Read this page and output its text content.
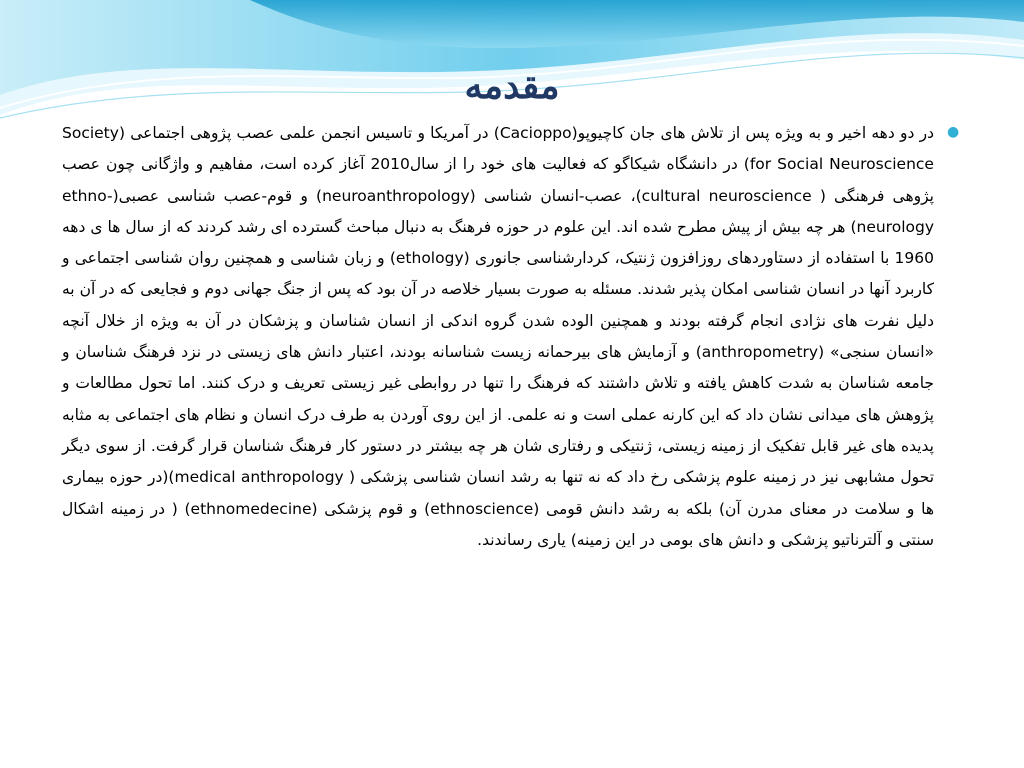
مقدمه
●

در دو دهه اخیر و به ویژه پس از تلاش های جان کاچیوپو(Cacioppo) در آمریکا و تاسیس انجمن علمی عصب پژوهی اجتماعی (Society for Social Neuroscience) در دانشگاه شیکاگو که فعالیت های خود را از سال2010 آغاز کرده است، مفاهیم و واژگانی چون عصب پژوهی فرهنگی ( cultural neuroscience)، عصب-انسان شناسی (neuroanthropology) و قوم-عصب شناسی عصبی(ethno-neurology) هر چه بیش از پیش مطرح شده اند. این علوم در حوزه فرهنگ به دنبال مباحث گسترده ای رشد کردند که از سال ها ی دهه 1960 با استفاده از دستاوردهای روزافزون ژنتیک، کردارشناسی جانوری (ethology) و زبان شناسی و همچنین روان شناسی اجتماعی و کاربرد آنها در انسان شناسی امکان پذیر شدند. مسئله به صورت بسیار خلاصه در آن بود که پس از جنگ جهانی دوم و فجایعی که در آن به دلیل نفرت های نژادی انجام گرفته بودند و همچنین الوده شدن گروه اندکی از انسان شناسان و پزشکان در آن به ویژه از خلال آنچه «انسان سنجی» (anthropometry) و آزمایش های بیرحمانه زیست شناسانه بودند، اعتبار دانش های زیستی در نزد فرهنگ شناسان و جامعه شناسان به شدت کاهش یافته و تلاش داشتند که فرهنگ را تنها در روابطی غیر زیستی تعریف و درک کنند. اما تحول مطالعات و پژوهش های میدانی نشان داد که این کارنه عملی است و نه علمی. از این روی آوردن به طرف درک انسان و نظام های اجتماعی به مثابه پدیده های غیر قابل تفکیک از زمینه زیستی، ژنتیکی و رفتاری شان هر چه بیشتر در دستور کار فرهنگ شناسان قرار گرفت. از سوی دیگر تحول مشابهی نیز در زمینه علوم پزشکی رخ داد که نه تنها به رشد انسان شناسی پزشکی ( medical anthropology)(در حوزه بیماری ها و سلامت در معنای مدرن آن) بلکه به رشد دانش قومی (ethnoscience) و قوم پزشکی (ethnomedecine) ( در زمینه اشکال سنتی و آلترناتیو پزشکی و دانش های بومی در این زمینه) یاری رساندند.
